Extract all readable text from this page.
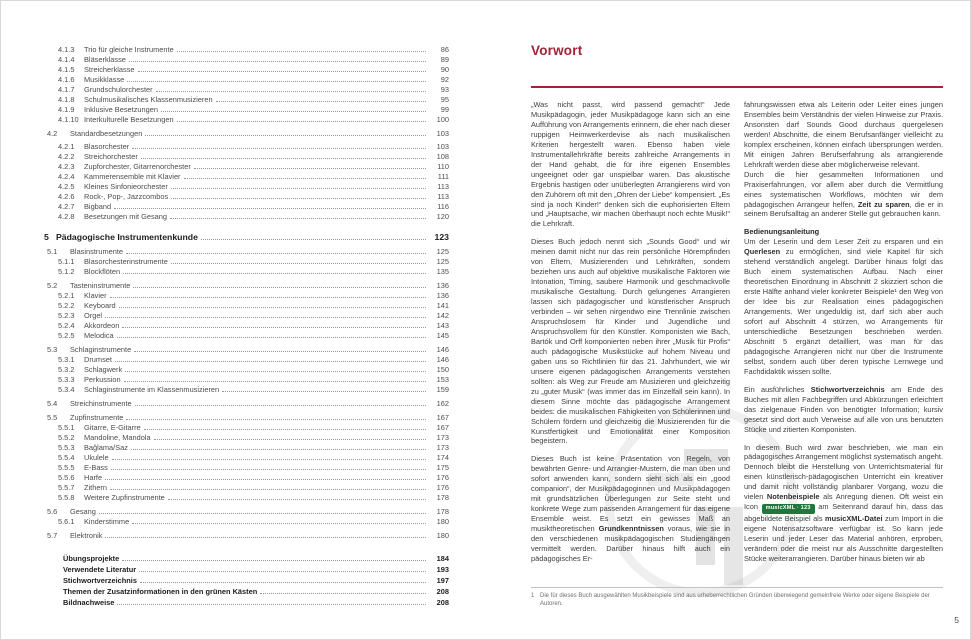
4.1.3	Trio für gleiche Instrumente	86
4.1.4	Bläserklasse	89
4.1.5	Streicherklasse	90
4.1.6	Musikklasse	92
4.1.7	Grundschulorchester	93
4.1.8	Schulmusikalisches Klassenmusizieren	95
4.1.9	Inklusive Besetzungen	99
4.1.10 Interkulturelle Besetzungen	100
4.2	Standardbesetzungen	103
4.2.1	Blasorchester	103
4.2.2	Streichorchester	108
4.2.3	Zupforchester, Gitarrenorchester	110
4.2.4	Kammerensemble mit Klavier	111
4.2.5	Kleines Sinfonieorchester	113
4.2.6	Rock-, Pop-, Jazzcombos	113
4.2.7	Bigband	116
4.2.8	Besetzungen mit Gesang	120
5 Pädagogische Instrumentenkunde	123
5.1	Blasinstrumente	125
5.1.1	Blasorchesterinstrumente	125
5.1.2	Blockflöten	135
5.2	Tasteninstrumente	136
5.2.1	Klavier	136
5.2.2	Keyboard	141
5.2.3	Orgel	142
5.2.4	Akkordeon	143
5.2.5	Melodica	145
5.3	Schlaginstrumente	146
5.3.1	Drumset	146
5.3.2	Schlagwerk	150
5.3.3	Perkussion	153
5.3.4	Schlaginstrumente im Klassenmusizieren	159
5.4	Streichinstrumente	162
5.5	Zupfinstrumente	167
5.5.1	Gitarre, E-Gitarre	167
5.5.2	Mandoline, Mandola	173
5.5.3	Bağlama/Saz	173
5.5.4	Ukulele	174
5.5.5	E-Bass	175
5.5.6	Harfe	176
5.5.7	Zithern	176
5.5.8	Weitere Zupfinstrumente	178
5.6	Gesang	178
5.6.1	Kinderstimme	180
5.7	Elektronik	180
Übungsprojekte	184
Verwendete Literatur	193
Stichwortverzeichnis	197
Themen der Zusatzinformationen in den grünen Kästen	208
Bildnachweise	208
Vorwort

„Was nicht passt, wird passend gemacht!“ Jede Musikpädagogin, jeder Musikpädagoge kann sich an eine Aufführung von Arrangements erinnern, die eher nach dieser ruppigen Heimwerkerdevise als nach musikalischen Kriterien hergestellt waren. Ebenso haben viele Instrumentallehrkräfte bereits zahlreiche Arrangements in der Hand gehabt, die für ihre eigenen Ensembles ungeeignet oder gar unspielbar waren. Das akustische Ergebnis hastigen oder unüberlegten Arrangierens wird von den Zuhörern oft mit den „Ohren der Liebe“ kompensiert. „Es sind ja noch Kinder!“ denken sich die euphorisierten Eltern und „Hauptsache, wir machen überhaupt noch echte Musik!“ die Lehrkraft.

Dieses Buch jedoch nennt sich „Sounds Good“ und wir meinen damit nicht nur das rein persönliche Hörempfinden von Eltern, Musizierenden und Lehrkräften, sondern beziehen uns auch auf objektive musikalische Faktoren wie Intonation, Timing, saubere Harmonik und geschmackvolle musikalische Gestaltung. Durch gelungenes Arrangieren lassen sich pädagogischer und künstlerischer Anspruch verbinden – wir sehen nirgendwo eine Trennlinie zwischen Anspruchslosem für Kinder und Jugendliche und Anspruchsvollem für den Künstler. Komponisten wie Bach, Bartók und Orff komponierten neben ihrer „Musik für Profis“ auch pädagogische Musikstücke auf hohem Niveau und gaben uns so Richtlinien für das 21. Jahrhundert, wie wir unsere eigenen pädagogischen Arrangements verstehen sollten: als Weg zur Freude am Musizieren und gleichzeitig zu „guter Musik“ (was immer das im Einzelfall sein kann). In diesem Sinne möchte das pädagogische Arrangement beides: die musikalischen Fähigkeiten von Schülerinnen und Schülern fördern und gleichzeitig die Musizierenden für die Kunstfertigkeit und Emotionalität einer Komposition begeistern.

Dieses Buch ist keine Präsentation von Regeln, von bewährten Genre- und Arrangier-Mustern, die man üben und sofort anwenden kann, sondern sieht sich als ein „good companion“, der Musikpädagoginnen und Musikpädagogen mit grundsätzlichen Überlegungen zur Seite steht und konkrete Wege zum passenden Arrangement für das eigene Ensemble weist. Es setzt ein gewisses Maß an musiktheoretischen Grundkenntnissen voraus, wie sie in den verschiedenen musikpädagogischen Studiengängen vermittelt werden. Darüber hinaus hilft auch ein pädagogisches Er-

fahrungswissen etwa als Leiterin oder Leiter eines jungen Ensembles beim Verständnis der vielen Hinweise zur Praxis. Ansonsten darf Sounds Good durchaus quergelesen werden! Abschnitte, die einem Berufsanfänger vielleicht zu komplex erscheinen, können einfach übersprungen werden. Mit einigen Jahren Berufserfahrung als arrangierende Lehrkraft werden diese aber möglicherweise relevant.

Durch die hier gesammelten Informationen und Praxiserfahrungen, vor allem aber durch die Vermittlung eines systematischen Workflows, möchten wir dem pädagogischen Arrangeur helfen, Zeit zu sparen, die er in seinem Berufsalltag an anderer Stelle gut gebrauchen kann.

Bedienungsanleitung

Um der Leserin und dem Leser Zeit zu ersparen und ein Querlesen zu ermöglichen, sind viele Kapitel für sich stehend verständlich angelegt. Darüber hinaus folgt das Buch einem systematischen Aufbau. Nach einer theoretischen Einordnung in Abschnitt 2 skizziert schon die erste Hälfte anhand vieler konkreter Beispiele¹ den Weg von der Idee bis zur Realisation eines pädagogischen Arrangements. Wer ungeduldig ist, darf sich aber auch sofort auf Abschnitt 4 stürzen, wo Arrangements für unterschiedliche Besetzungen beschrieben werden. Abschnitt 5 ergänzt detailliert, was man für das pädagogische Arrangieren nicht nur über die Instrumente selbst, sondern auch über deren typische Lernwege und Fachdidaktik wissen sollte.

Ein ausführliches Stichwortverzeichnis am Ende des Buches mit allen Fachbegriffen und Abkürzungen erleichtert das zielgenaue Finden von benötigter Information; kursiv gesetzt sind dort auch Verweise auf alle von uns benutzten Stücke und zitierten Komponisten.

In diesem Buch wird zwar beschrieben, wie man ein pädagogisches Arrangement möglichst systematisch angeht. Dennoch bleibt die Herstellung von Unterrichtsmaterial für einen künstlerisch-pädagogischen Unterricht ein kreativer und damit nicht vollständig planbarer Vorgang, wozu die vielen Notenbeispiele als Anregung dienen. Oft weist ein Icon musicXML · 123 am Seitenrand darauf hin, dass das abgebildete Beispiel als musicXML-Datei zum Import in die eigene Notensatzsoftware verfügbar ist. So kann jede Leserin und jeder Leser das Material anhören, erproben, verändern oder die meist nur als Ausschnitte dargestellten Stücke weiterarrangieren. Darüber hinaus bieten wir ab

1 Die für dieses Buch ausgewählten Musikbeispiele sind aus urheberrechtlichen Gründen überwiegend gemeinfreie Werke oder eigene Beispiele der Autoren.
5
